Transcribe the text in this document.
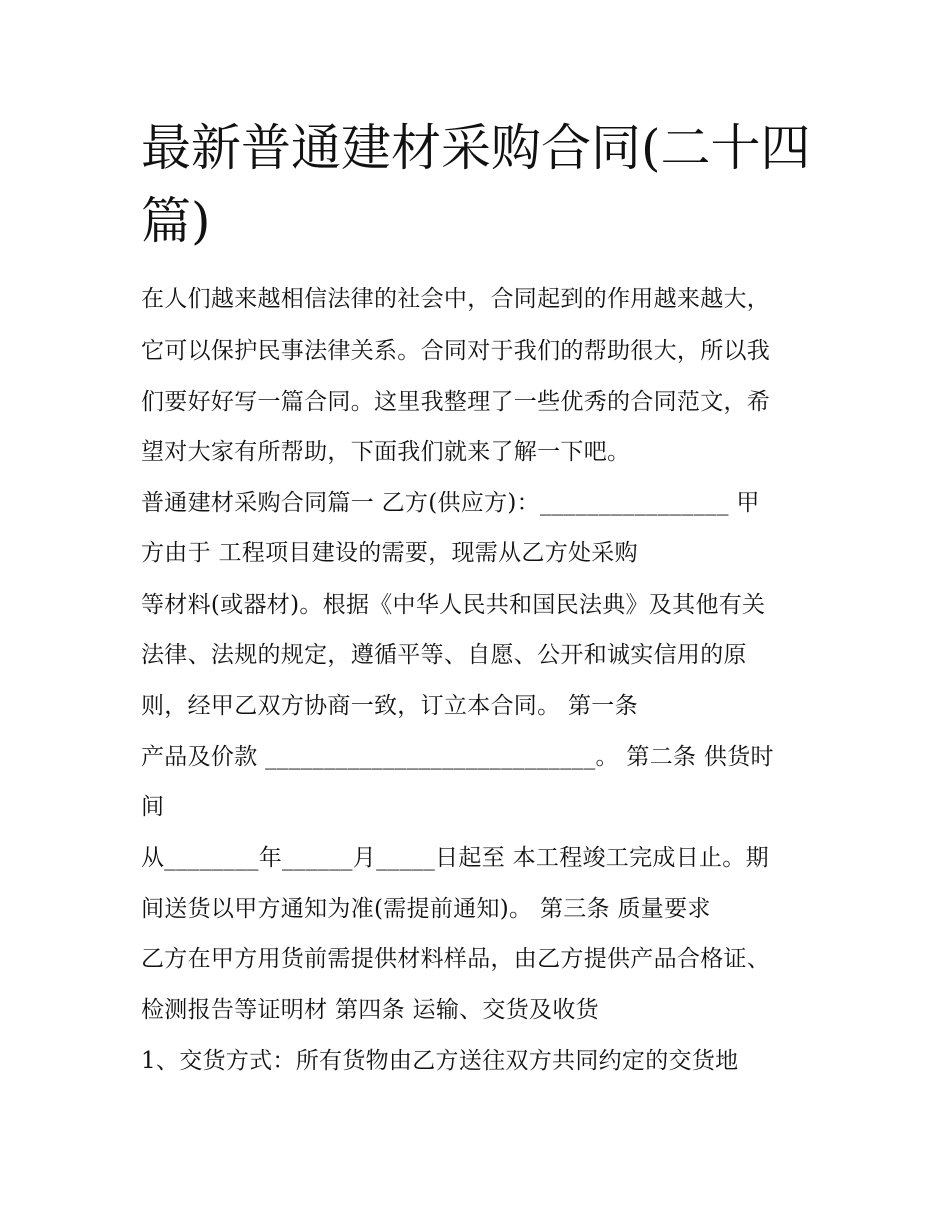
最新普通建材采购合同(二十四
篇)
在人们越来越相信法律的社会中，合同起到的作用越来越大，
它可以保护民事法律关系。合同对于我们的帮助很大，所以我
们要好好写一篇合同。这里我整理了一些优秀的合同范文，希
望对大家有所帮助，下面我们就来了解一下吧。
普通建材采购合同篇一 乙方(供应方)：________________ 甲
方由于 工程项目建设的需要，现需从乙方处采购
等材料(或器材)。根据《中华人民共和国民法典》及其他有关
法律、法规的规定，遵循平等、自愿、公开和诚实信用的原
则，经甲乙双方协商一致，订立本合同。 第一条
产品及价款 ____________________________。 第二条 供货时
间
从________年______月_____日起至 本工程竣工完成日止。期
间送货以甲方通知为准(需提前通知)。 第三条 质量要求
乙方在甲方用货前需提供材料样品，由乙方提供产品合格证、
检测报告等证明材 第四条 运输、交货及收货
1、交货方式：所有货物由乙方送往双方共同约定的交货地
